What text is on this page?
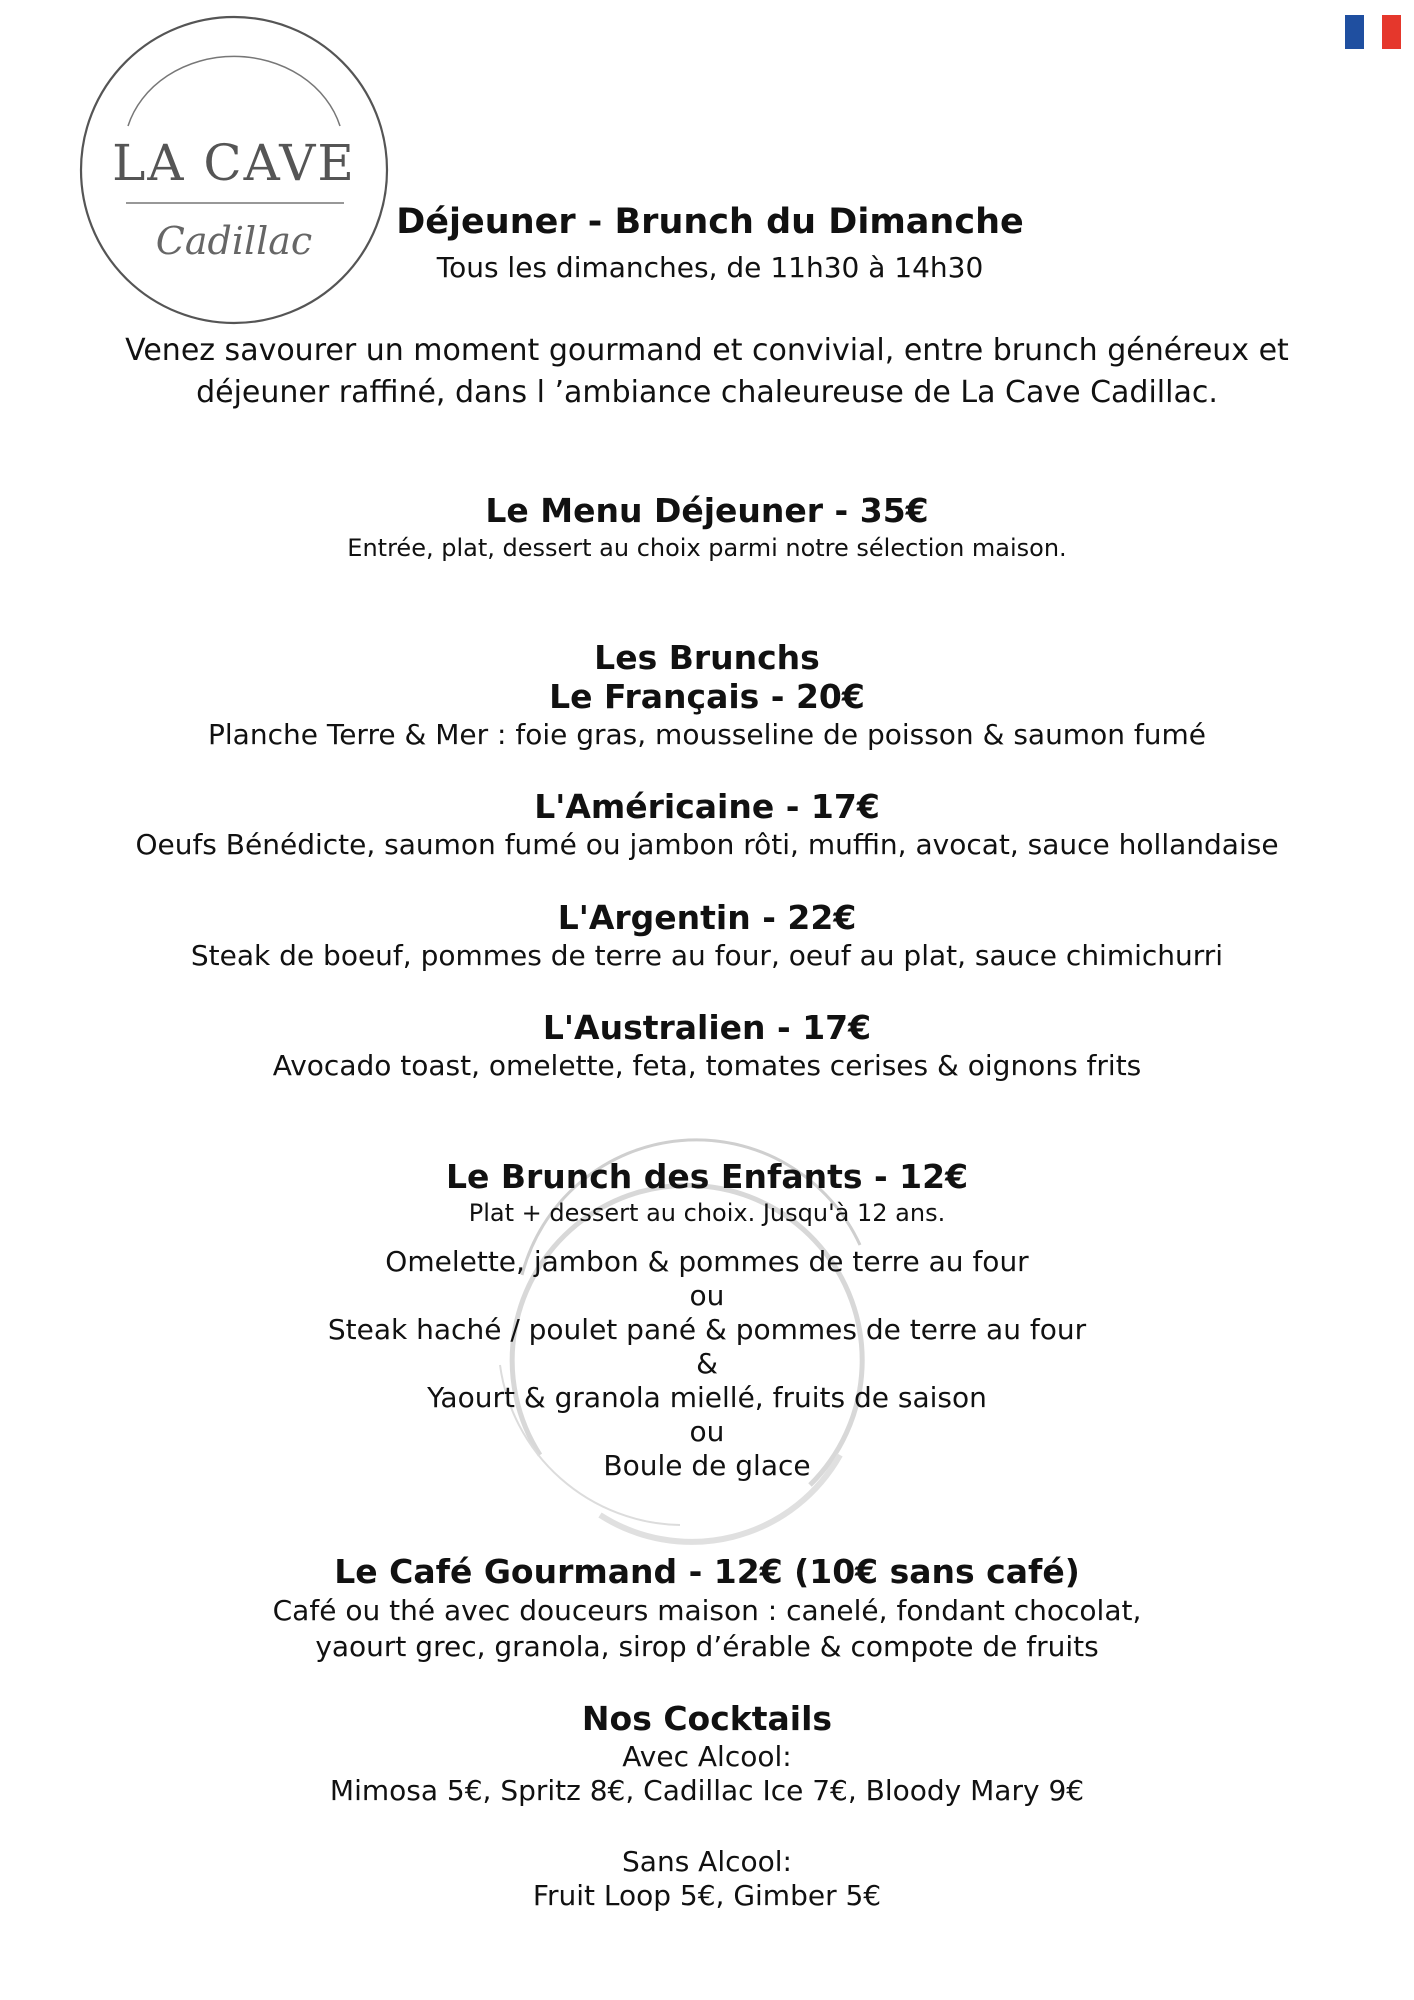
LA CAVE
Cadillac	Déjeuner - Brunch du Dimanche

Tous les dimanches, de 11h30 à 14h30

Venez savourer un moment gourmand et convivial, entre brunch généreux et

déjeuner raffiné, dans l ’ambiance chaleureuse de La Cave Cadillac.

Le Menu Déjeuner - 35€

Entrée, plat, dessert au choix parmi notre sélection maison.

Les Brunchs
Le Français - 20€

Planche Terre & Mer : foie gras, mousseline de poisson & saumon fumé

L'Américaine - 17€

Oeufs Bénédicte, saumon fumé ou jambon rôti, muffin, avocat, sauce hollandaise

L'Argentin - 22€

Steak de boeuf, pommes de terre au four, oeuf au plat, sauce chimichurri

L'Australien - 17€

Avocado toast, omelette, feta, tomates cerises & oignons frits

Le Brunch des Enfants - 12€

Plat + dessert au choix. Jusqu'à 12 ans.

Omelette, jambon & pommes de terre au four

ou

Steak haché / poulet pané & pommes de terre au four

&

Yaourt & granola miellé, fruits de saison

ou

Boule de glace

Le Café Gourmand - 12€ (10€ sans café)

Café ou thé avec douceurs maison : canelé, fondant chocolat,

yaourt grec, granola, sirop d’érable & compote de fruits

Nos Cocktails

Avec Alcool:

Mimosa 5€, Spritz 8€, Cadillac Ice 7€, Bloody Mary 9€

Sans Alcool:

Fruit Loop 5€, Gimber 5€
